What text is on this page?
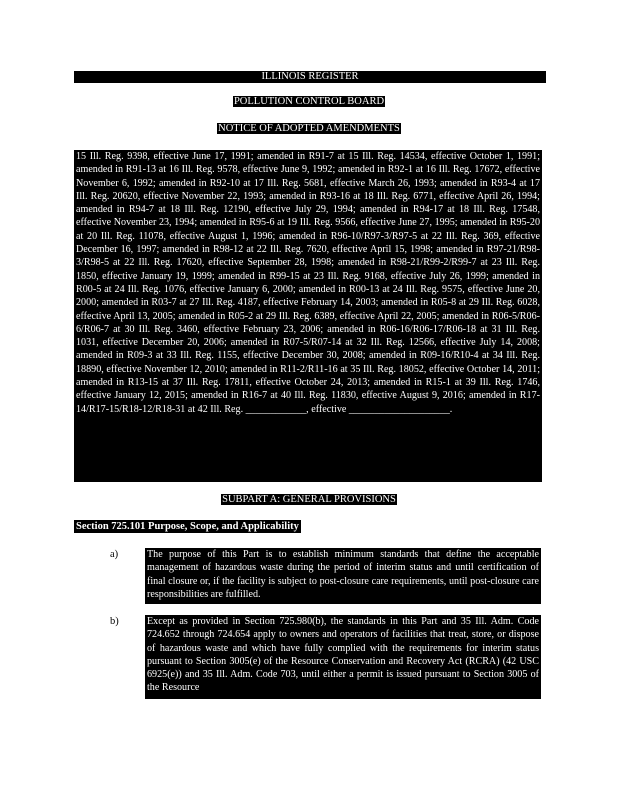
ILLINOIS REGISTER
POLLUTION CONTROL BOARD
NOTICE OF ADOPTED AMENDMENTS
15 Ill. Reg. 9398, effective June 17, 1991; amended in R91-7 at 15 Ill. Reg. 14534, effective October 1, 1991; amended in R91-13 at 16 Ill. Reg. 9578, effective June 9, 1992; amended in R92-1 at 16 Ill. Reg. 17672, effective November 6, 1992; amended in R92-10 at 17 Ill. Reg. 5681, effective March 26, 1993; amended in R93-4 at 17 Ill. Reg. 20620, effective November 22, 1993; amended in R93-16 at 18 Ill. Reg. 6771, effective April 26, 1994; amended in R94-7 at 18 Ill. Reg. 12190, effective July 29, 1994; amended in R94-17 at 18 Ill. Reg. 17548, effective November 23, 1994; amended in R95-6 at 19 Ill. Reg. 9566, effective June 27, 1995; amended in R95-20 at 20 Ill. Reg. 11078, effective August 1, 1996; amended in R96-10/R97-3/R97-5 at 22 Ill. Reg. 369, effective December 16, 1997; amended in R98-12 at 22 Ill. Reg. 7620, effective April 15, 1998; amended in R97-21/R98-3/R98-5 at 22 Ill. Reg. 17620, effective September 28, 1998; amended in R98-21/R99-2/R99-7 at 23 Ill. Reg. 1850, effective January 19, 1999; amended in R99-15 at 23 Ill. Reg. 9168, effective July 26, 1999; amended in R00-5 at 24 Ill. Reg. 1076, effective January 6, 2000; amended in R00-13 at 24 Ill. Reg. 9575, effective June 20, 2000; amended in R03-7 at 27 Ill. Reg. 4187, effective February 14, 2003; amended in R05-8 at 29 Ill. Reg. 6028, effective April 13, 2005; amended in R05-2 at 29 Ill. Reg. 6389, effective April 22, 2005; amended in R06-5/R06-6/R06-7 at 30 Ill. Reg. 3460, effective February 23, 2006; amended in R06-16/R06-17/R06-18 at 31 Ill. Reg. 1031, effective December 20, 2006; amended in R07-5/R07-14 at 32 Ill. Reg. 12566, effective July 14, 2008; amended in R09-3 at 33 Ill. Reg. 1155, effective December 30, 2008; amended in R09-16/R10-4 at 34 Ill. Reg. 18890, effective November 12, 2010; amended in R11-2/R11-16 at 35 Ill. Reg. 18052, effective October 14, 2011; amended in R13-15 at 37 Ill. Reg. 17811, effective October 24, 2013; amended in R15-1 at 39 Ill. Reg. 1746, effective January 12, 2015; amended in R16-7 at 40 Ill. Reg. 11830, effective August 9, 2016; amended in R17-14/R17-15/R18-12/R18-31 at 42 Ill. Reg. ____________, effective ____________________.
SUBPART A: GENERAL PROVISIONS
Section 725.101 Purpose, Scope, and Applicability
a)	The purpose of this Part is to establish minimum standards that define the acceptable management of hazardous waste during the period of interim status and until certification of final closure or, if the facility is subject to post-closure care requirements, until post-closure care responsibilities are fulfilled.
b)	Except as provided in Section 725.980(b), the standards in this Part and 35 Ill. Adm. Code 724.652 through 724.654 apply to owners and operators of facilities that treat, store, or dispose of hazardous waste and which have fully complied with the requirements for interim status pursuant to Section 3005(e) of the Resource Conservation and Recovery Act (RCRA) (42 USC 6925(e)) and 35 Ill. Adm. Code 703, until either a permit is issued pursuant to Section 3005 of the Resource
